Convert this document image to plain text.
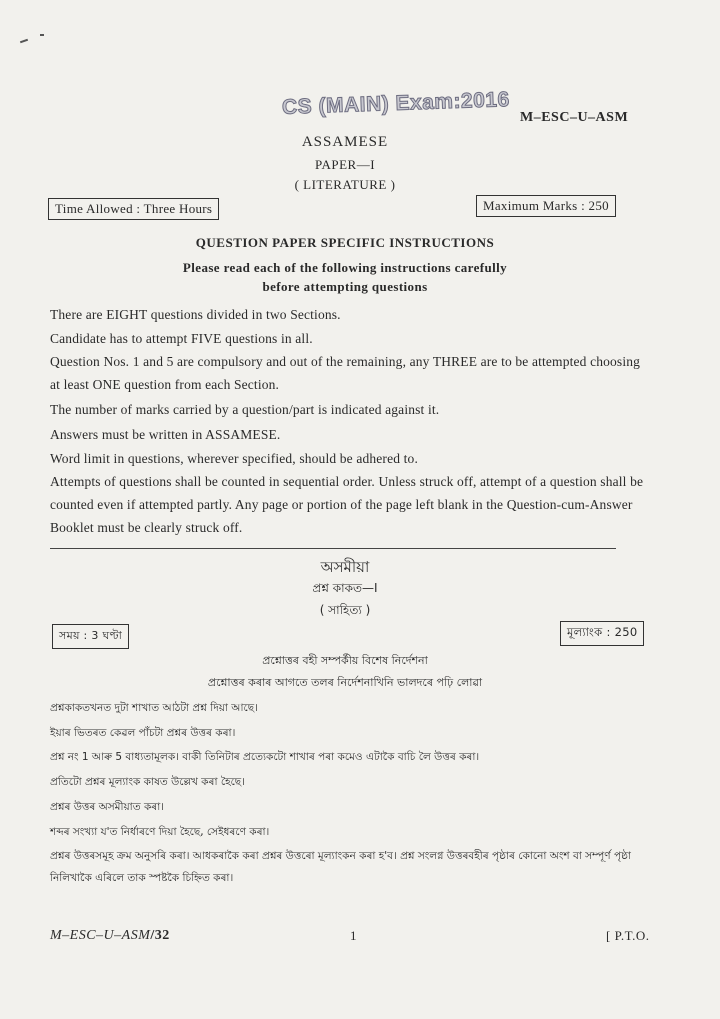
CS (MAIN) Exam:2016 M–ESC–U–ASM
ASSAMESE
PAPER—I
( LITERATURE )
Time Allowed : Three Hours	Maximum Marks : 250
QUESTION PAPER SPECIFIC INSTRUCTIONS
Please read each of the following instructions carefully
before attempting questions
There are EIGHT questions divided in two Sections.
Candidate has to attempt FIVE questions in all.
Question Nos. 1 and 5 are compulsory and out of the remaining, any THREE are to be attempted choosing at least ONE question from each Section.
The number of marks carried by a question/part is indicated against it.
Answers must be written in ASSAMESE.
Word limit in questions, wherever specified, should be adhered to.
Attempts of questions shall be counted in sequential order. Unless struck off, attempt of a question shall be counted even if attempted partly. Any page or portion of the page left blank in the Question-cum-Answer Booklet must be clearly struck off.
অসমীয়া
প্ৰশ্ন কাকত—I
( সাহিত্য )
সময় : 3 ঘণ্টা	মূল্যাংক : 250
প্ৰশ্নোত্তৰ বহী সম্পৰ্কীয় বিশেষ নিৰ্দেশনা
প্ৰশ্নোত্তৰ কৰাৰ আগতে তলৰ নিৰ্দেশনাখিনি ভালদৰে পঢ়ি লোৱা
প্ৰশ্নকাকতখনত দুটা শাখাত আঠটা প্ৰশ্ন দিয়া আছে।
ইয়াৰ ভিতৰত কেৱল পাঁচটা প্ৰশ্নৰ উত্তৰ কৰা।
প্ৰশ্ন নং 1 আৰু 5 বাধ্যতামূলক। বাকী তিনিটাৰ প্ৰত্যেকটো শাখাৰ পৰা কমেও এটাকৈ বাচি লৈ উত্তৰ কৰা।
প্ৰতিটো প্ৰশ্নৰ মূল্যাংক কাষত উল্লেখ কৰা হৈছে।
প্ৰশ্নৰ উত্তৰ অসমীয়াত কৰা।
শব্দৰ সংখ্যা য'ত নিৰ্ধাৰণে দিয়া হৈছে, সেইধৰণে কৰা।
প্ৰশ্নৰ উত্তৰসমূহ ক্ৰম অনুসৰি কৰা। আধকৰাকৈ কৰা প্ৰশ্নৰ উত্তৰো মূল্যাংকন কৰা হ'ব। প্ৰশ্ন সংলগ্ন উত্তৰবহীৰ পৃষ্ঠাৰ কোনো অংশ বা সম্পূৰ্ণ পৃষ্ঠা নিলিখাকৈ এৰিলে তাক স্পষ্টকৈ চিহ্নিত কৰা।
M–ESC–U–ASM/32	1	[ P.T.O.
